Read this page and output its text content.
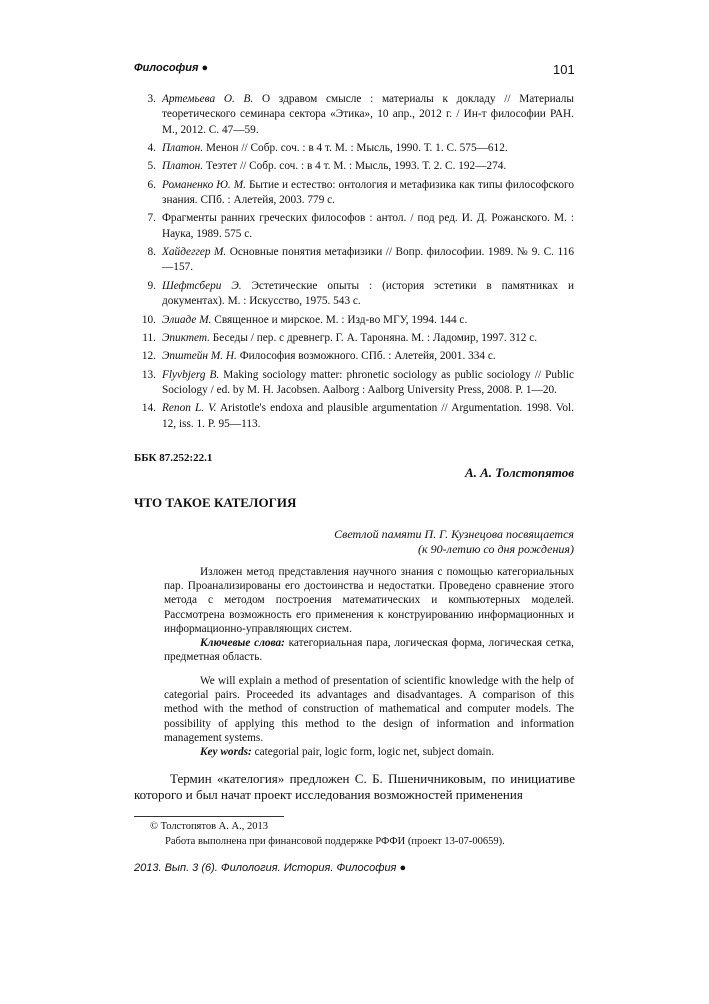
Философия ●	101
3. Артемьева О. В. О здравом смысле : материалы к докладу // Материалы теоретического семинара сектора «Этика», 10 апр., 2012 г. / Ин-т философии РАН. М., 2012. С. 47—59.
4. Платон. Менон // Собр. соч. : в 4 т. М. : Мысль, 1990. Т. 1. С. 575—612.
5. Платон. Теэтет // Собр. соч. : в 4 т. М. : Мысль, 1993. Т. 2. С. 192—274.
6. Романенко Ю. М. Бытие и естество: онтология и метафизика как типы философского знания. СПб. : Алетейя, 2003. 779 с.
7. Фрагменты ранних греческих философов : антол. / под ред. И. Д. Рожанского. М. : Наука, 1989. 575 с.
8. Хайдеггер М. Основные понятия метафизики // Вопр. философии. 1989. № 9. С. 116—157.
9. Шефтсбери Э. Эстетические опыты : (история эстетики в памятниках и документах). М. : Искусство, 1975. 543 с.
10. Элиаде М. Священное и мирское. М. : Изд-во МГУ, 1994. 144 с.
11. Эпиктет. Беседы / пер. с древнегр. Г. А. Тароняна. М. : Ладомир, 1997. 312 с.
12. Эпштейн М. Н. Философия возможного. СПб. : Алетейя, 2001. 334 с.
13. Flyvbjerg B. Making sociology matter: phronetic sociology as public sociology // Public Sociology / ed. by M. H. Jacobsen. Aalborg : Aalborg University Press, 2008. P. 1—20.
14. Renon L. V. Aristotle's endoxa and plausible argumentation // Argumentation. 1998. Vol. 12, iss. 1. P. 95—113.
ББК 87.252:22.1
А. А. Толстопятов
ЧТО ТАКОЕ КАТЕЛОГИЯ
Светлой памяти П. Г. Кузнецова посвящается
(к 90-летию со дня рождения)

Изложен метод представления научного знания с помощью категориальных пар. Проанализированы его достоинства и недостатки. Проведено сравнение этого метода с методом построения математических и компьютерных моделей. Рассмотрена возможность его применения к конструированию информационных и информационно-управляющих систем.

Ключевые слова: категориальная пара, логическая форма, логическая сетка, предметная область.

We will explain a method of presentation of scientific knowledge with the help of categorial pairs. Proceeded its advantages and disadvantages. A comparison of this method with the method of construction of mathematical and computer models. The possibility of applying this method to the design of information and information management systems.

Key words: categorial pair, logic form, logic net, subject domain.

Термин «кателогия» предложен С. Б. Пшеничниковым, по инициативе которого и был начат проект исследования возможностей применения

© Толстопятов А. А., 2013
Работа выполнена при финансовой поддержке РФФИ (проект 13-07-00659).
2013. Вып. 3 (6). Филология. История. Философия ●
